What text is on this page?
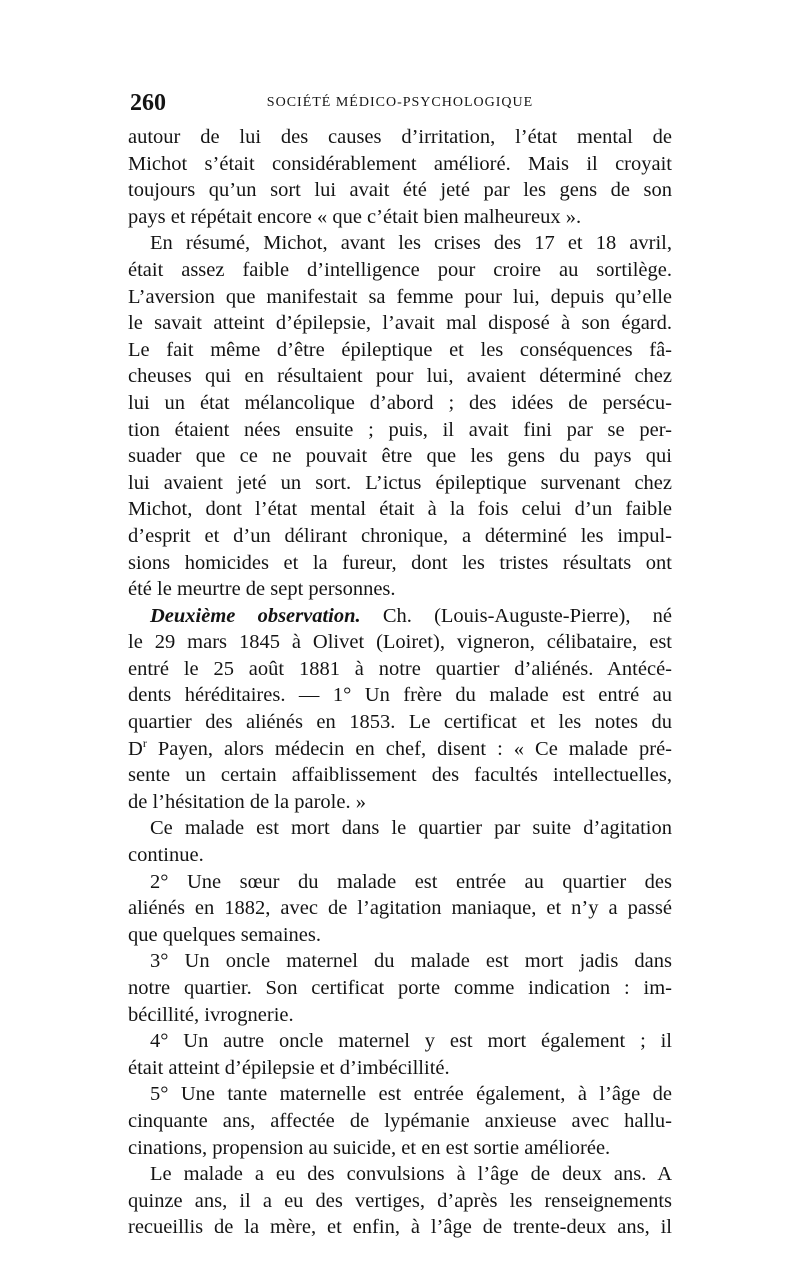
260	SOCIÉTÉ MÉDICO-PSYCHOLOGIQUE
autour de lui des causes d’irritation, l’état mental de
Michot s’était considérablement amélioré. Mais il croyait
toujours qu’un sort lui avait été jeté par les gens de son
pays et répétait encore « que c’était bien malheureux ».
En résumé, Michot, avant les crises des 17 et 18 avril,
était assez faible d’intelligence pour croire au sortilège.
L’aversion que manifestait sa femme pour lui, depuis qu’elle
le savait atteint d’épilepsie, l’avait mal disposé à son égard.
Le fait même d’être épileptique et les conséquences fâ-
cheuses qui en résultaient pour lui, avaient déterminé chez
lui un état mélancolique d’abord ; des idées de persécu-
tion étaient nées ensuite ; puis, il avait fini par se per-
suader que ce ne pouvait être que les gens du pays qui
lui avaient jeté un sort. L’ictus épileptique survenant chez
Michot, dont l’état mental était à la fois celui d’un faible
d’esprit et d’un délirant chronique, a déterminé les impul-
sions homicides et la fureur, dont les tristes résultats ont
été le meurtre de sept personnes.
Deuxième observation. Ch. (Louis-Auguste-Pierre), né
le 29 mars 1845 à Olivet (Loiret), vigneron, célibataire, est
entré le 25 août 1881 à notre quartier d’aliénés. Antécé-
dents héréditaires. — 1° Un frère du malade est entré au
quartier des aliénés en 1853. Le certificat et les notes du
$D^r$ Payen, alors médecin en chef, disent : « Ce malade pré-
sente un certain affaiblissement des facultés intellectuelles,
de l’hésitation de la parole. »
Ce malade est mort dans le quartier par suite d’agitation
continue.
2° Une sœur du malade est entrée au quartier des
aliénés en 1882, avec de l’agitation maniaque, et n’y a passé
que quelques semaines.
3° Un oncle maternel du malade est mort jadis dans
notre quartier. Son certificat porte comme indication : im-
bécillité, ivrognerie.
4° Un autre oncle maternel y est mort également ; il
était atteint d’épilepsie et d’imbécillité.
5° Une tante maternelle est entrée également, à l’âge de
cinquante ans, affectée de lypémanie anxieuse avec hallu-
cinations, propension au suicide, et en est sortie améliorée.
Le malade a eu des convulsions à l’âge de deux ans. A
quinze ans, il a eu des vertiges, d’après les renseignements
recueillis de la mère, et enfin, à l’âge de trente-deux ans, il
